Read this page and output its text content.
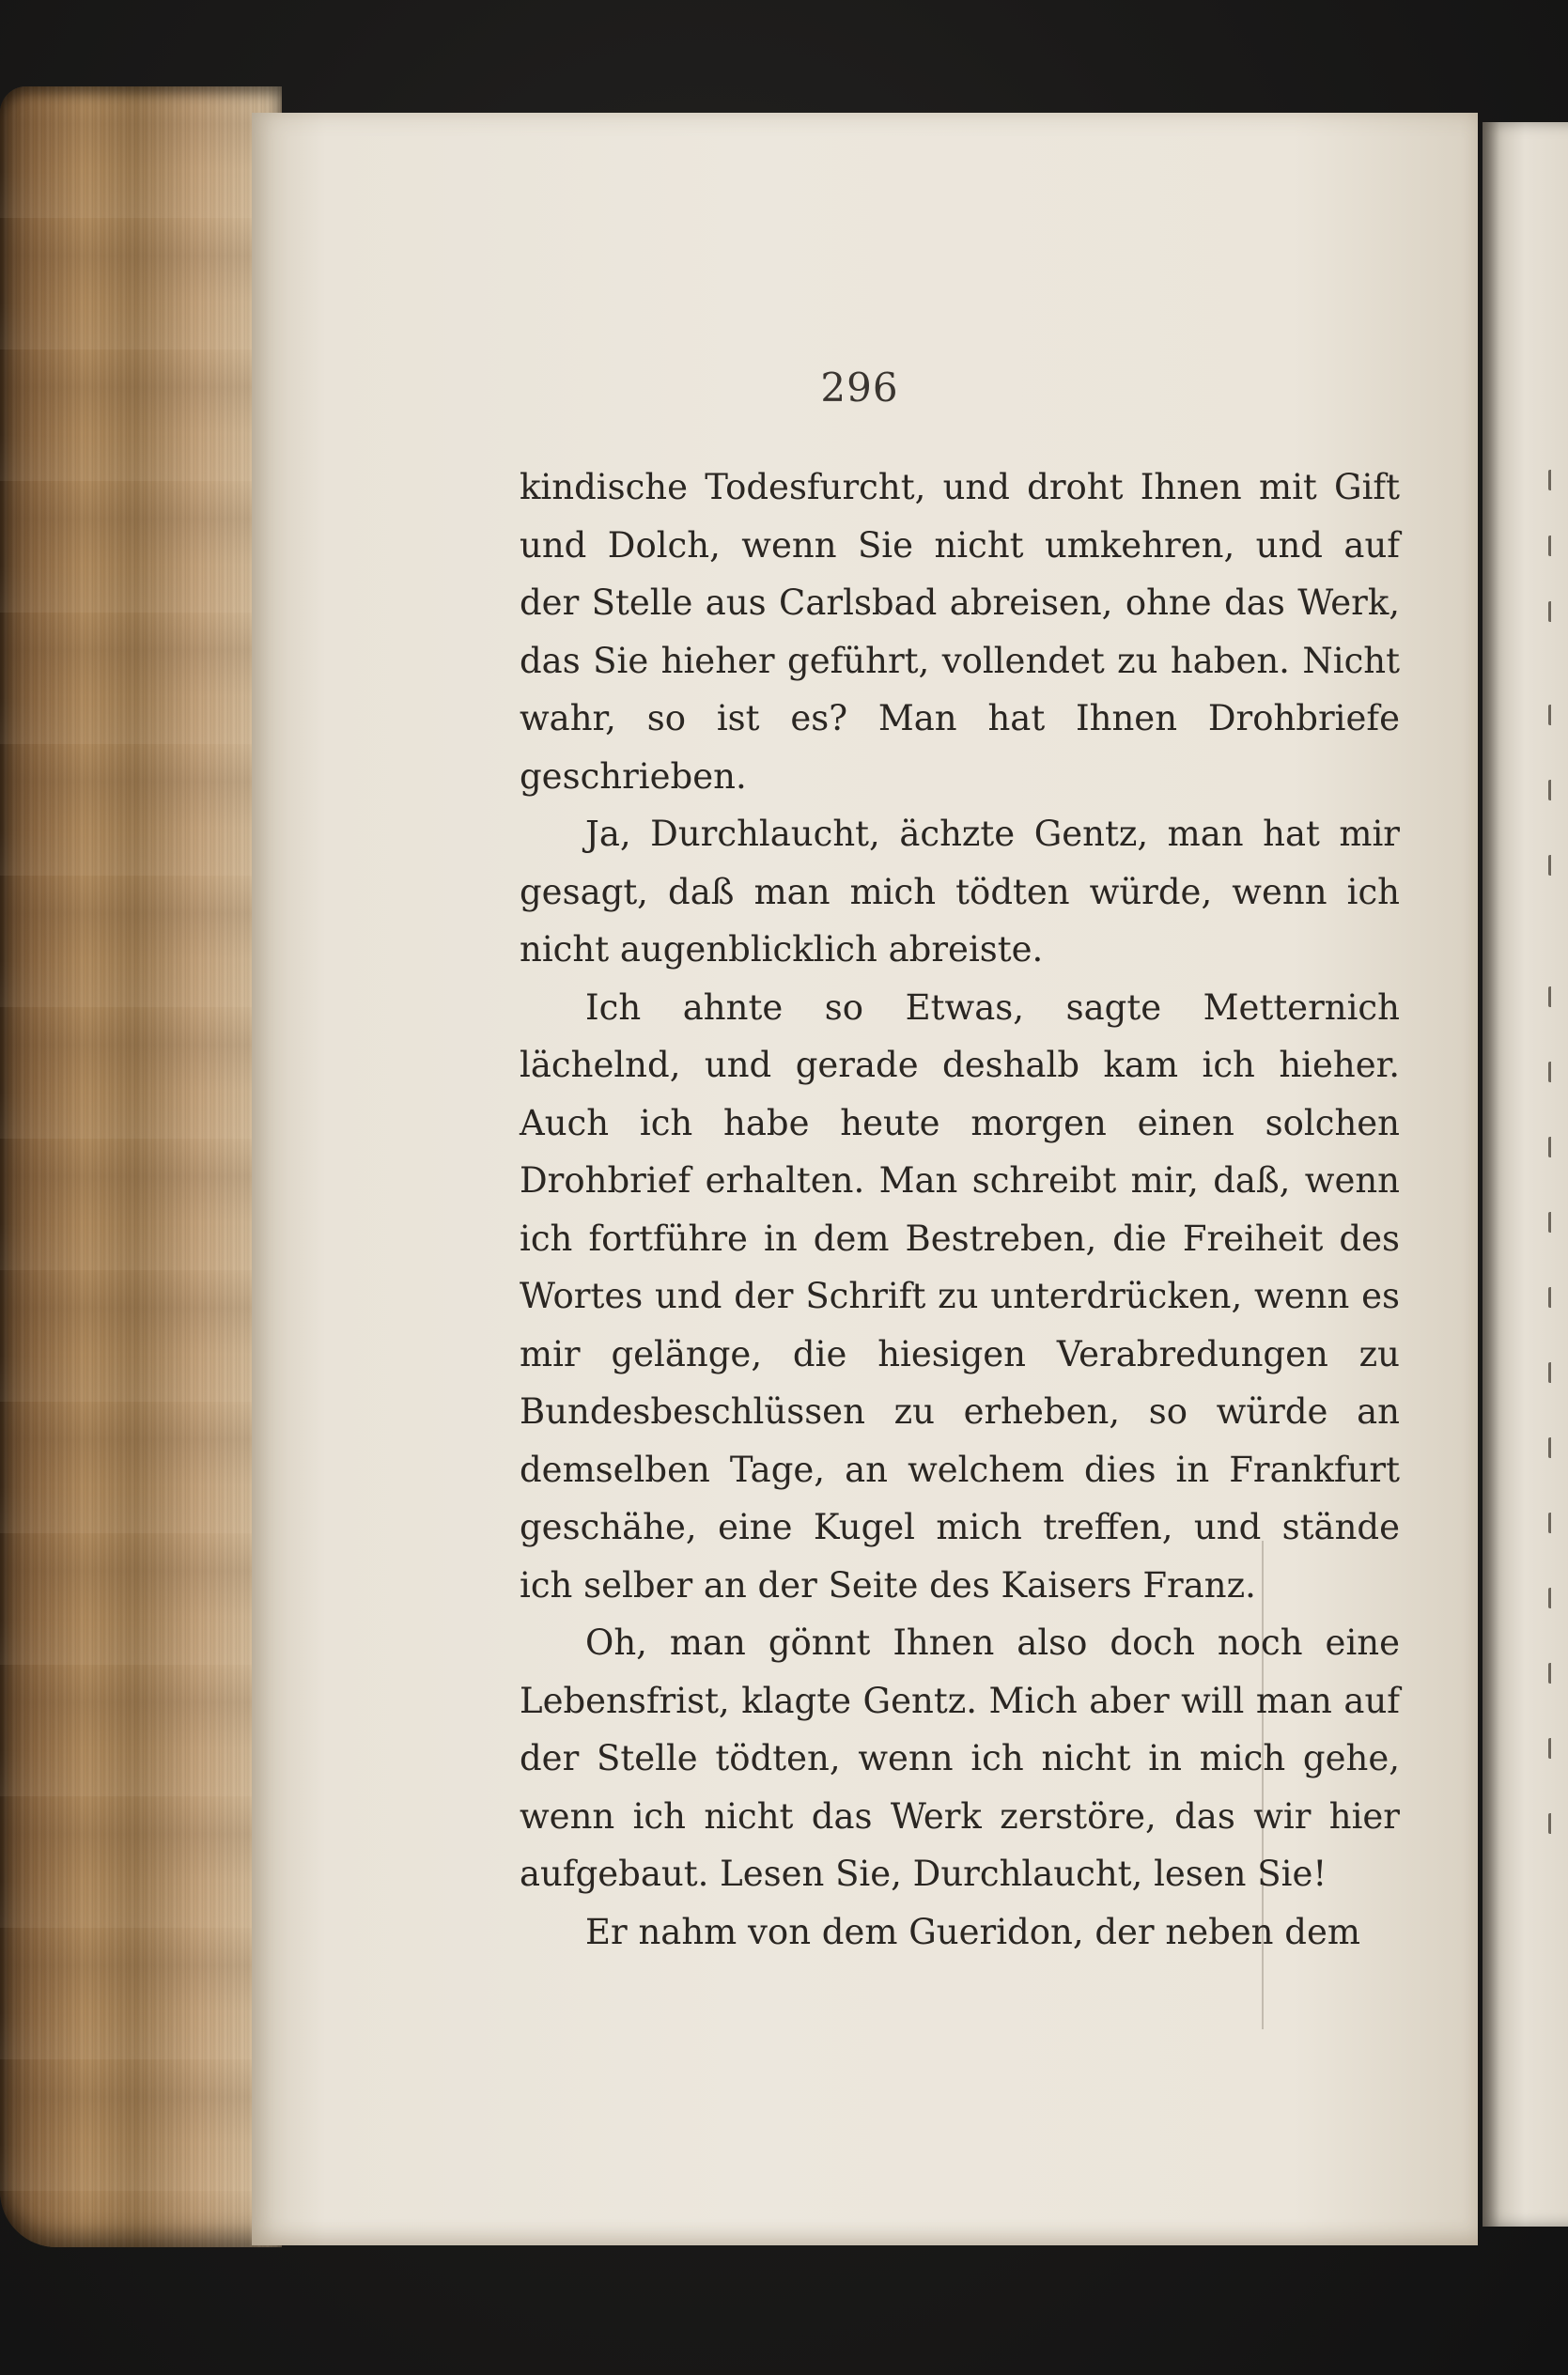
296

kindische Todesfurcht, und droht Ihnen mit Gift und Dolch, wenn Sie nicht umkehren, und auf der Stelle aus Carlsbad abreisen, ohne das Werk, das Sie hieher geführt, vollendet zu haben. Nicht wahr, so ist es? Man hat Ihnen Drohbriefe geschrieben.

Ja, Durchlaucht, ächzte Gentz, man hat mir gesagt, daß man mich tödten würde, wenn ich nicht augenblicklich abreiste.

Ich ahnte so Etwas, sagte Metternich lächelnd, und gerade deshalb kam ich hieher. Auch ich habe heute morgen einen solchen Drohbrief erhalten. Man schreibt mir, daß, wenn ich fortführe in dem Bestreben, die Freiheit des Wortes und der Schrift zu unterdrücken, wenn es mir gelänge, die hiesigen Verabredungen zu Bundesbeschlüssen zu erheben, so würde an demselben Tage, an welchem dies in Frankfurt geschähe, eine Kugel mich treffen, und stände ich selber an der Seite des Kaisers Franz.

Oh, man gönnt Ihnen also doch noch eine Lebensfrist, klagte Gentz. Mich aber will man auf der Stelle tödten, wenn ich nicht in mich gehe, wenn ich nicht das Werk zerstöre, das wir hier aufgebaut. Lesen Sie, Durchlaucht, lesen Sie!

Er nahm von dem Gueridon, der neben dem
